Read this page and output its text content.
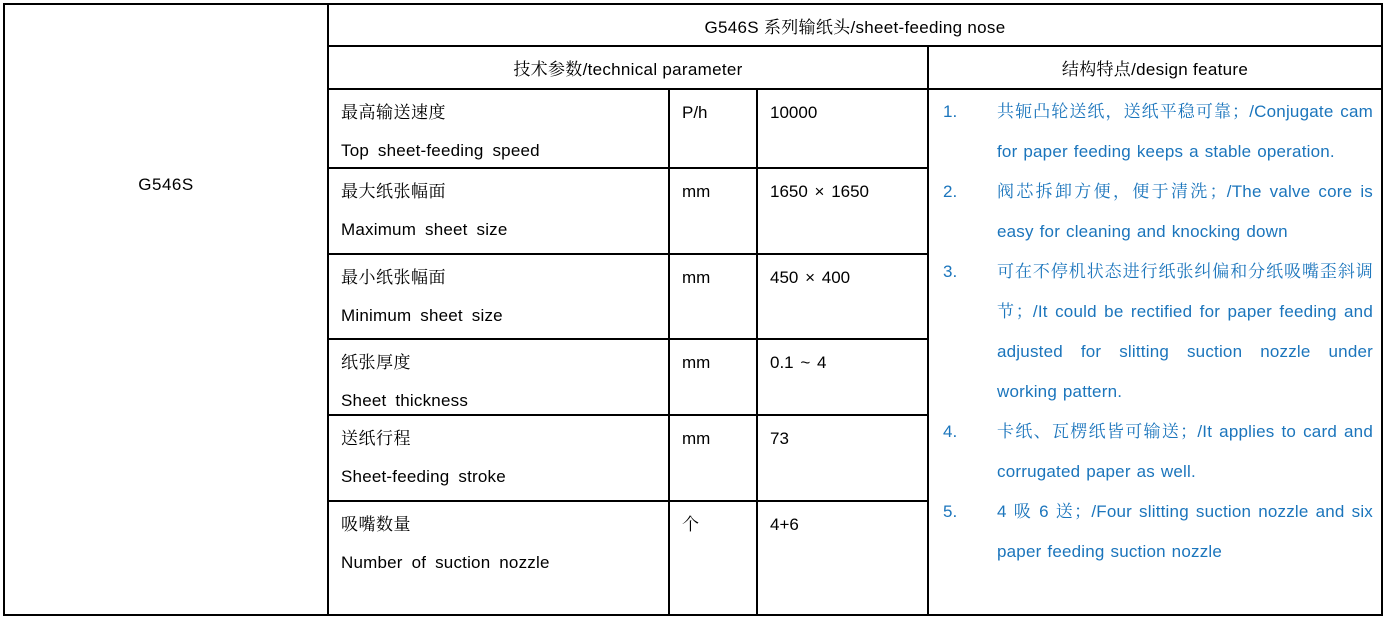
G546S
G546S 系列输纸头/sheet-feeding nose
技术参数/technical parameter	结构特点/design feature
最高输送速度
Top sheet-feeding speed
P/h	10000
最大纸张幅面
Maximum sheet size
mm	1650 × 1650
最小纸张幅面
Minimum sheet size
mm	450 × 400
纸张厚度
Sheet thickness
mm	0.1 ~ 4
送纸行程
Sheet-feeding stroke
mm	73
吸嘴数量
Number of suction nozzle
个	4+6
1.	共轭凸轮送纸，送纸平稳可靠；/Conjugate cam for paper feeding keeps a stable operation.
2.	阀芯拆卸方便，便于清洗；/The valve core is easy for cleaning and knocking down
3.	可在不停机状态进行纸张纠偏和分纸吸嘴歪斜调节；/It could be rectified for paper feeding and adjusted for slitting suction nozzle under working pattern.
4.	卡纸、瓦楞纸皆可输送；/It applies to card and corrugated paper as well.
5.	4 吸 6 送；/Four slitting suction nozzle and six paper feeding suction nozzle
